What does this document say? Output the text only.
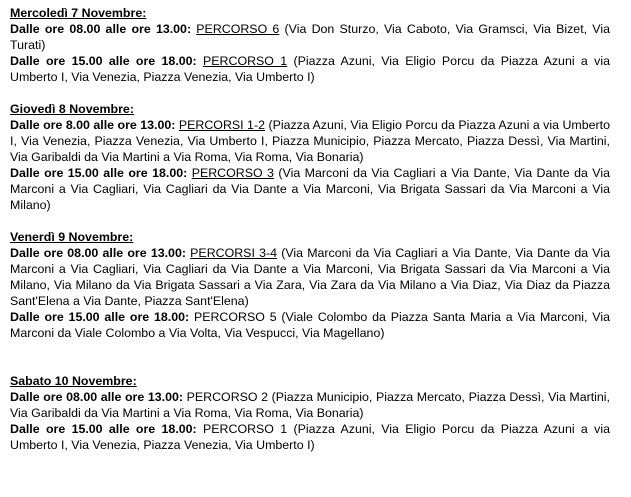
Mercoledì 7 Novembre:
Dalle ore 08.00 alle ore 13.00: PERCORSO 6 (Via Don Sturzo, Via Caboto, Via Gramsci, Via Bizet, Via Turati)
Dalle ore 15.00 alle ore 18.00: PERCORSO 1 (Piazza Azuni, Via Eligio Porcu da Piazza Azuni a via Umberto I, Via Venezia, Piazza Venezia, Via Umberto I)
Giovedì 8 Novembre:
Dalle ore 8.00 alle ore 13.00: PERCORSI 1-2 (Piazza Azuni, Via Eligio Porcu da Piazza Azuni a via Umberto I, Via Venezia, Piazza Venezia, Via Umberto I, Piazza Municipio, Piazza Mercato, Piazza Dessì, Via Martini, Via Garibaldi da Via Martini a Via Roma, Via Roma, Via Bonaria)
Dalle ore 15.00 alle ore 18.00: PERCORSO 3 (Via Marconi da Via Cagliari a Via Dante, Via Dante da Via Marconi a Via Cagliari, Via Cagliari da Via Dante a Via Marconi, Via Brigata Sassari da Via Marconi a Via Milano)
Venerdì 9 Novembre:
Dalle ore 08.00 alle ore 13.00: PERCORSI 3-4 (Via Marconi da Via Cagliari a Via Dante, Via Dante da Via Marconi a Via Cagliari, Via Cagliari da Via Dante a Via Marconi, Via Brigata Sassari da Via Marconi a Via Milano, Via Milano da Via Brigata Sassari a Via Zara, Via Zara da Via Milano a Via Diaz, Via Diaz da Piazza Sant'Elena a Via Dante, Piazza Sant'Elena)
Dalle ore 15.00 alle ore 18.00: PERCORSO 5 (Viale Colombo da Piazza Santa Maria a Via Marconi, Via Marconi da Viale Colombo a Via Volta, Via Vespucci, Via Magellano)
Sabato 10 Novembre:
Dalle ore 08.00 alle ore 13.00: PERCORSO 2 (Piazza Municipio, Piazza Mercato, Piazza Dessì, Via Martini, Via Garibaldi da Via Martini a Via Roma, Via Roma, Via Bonaria)
Dalle ore 15.00 alle ore 18.00: PERCORSO 1 (Piazza Azuni, Via Eligio Porcu da Piazza Azuni a via Umberto I, Via Venezia, Piazza Venezia, Via Umberto I)
